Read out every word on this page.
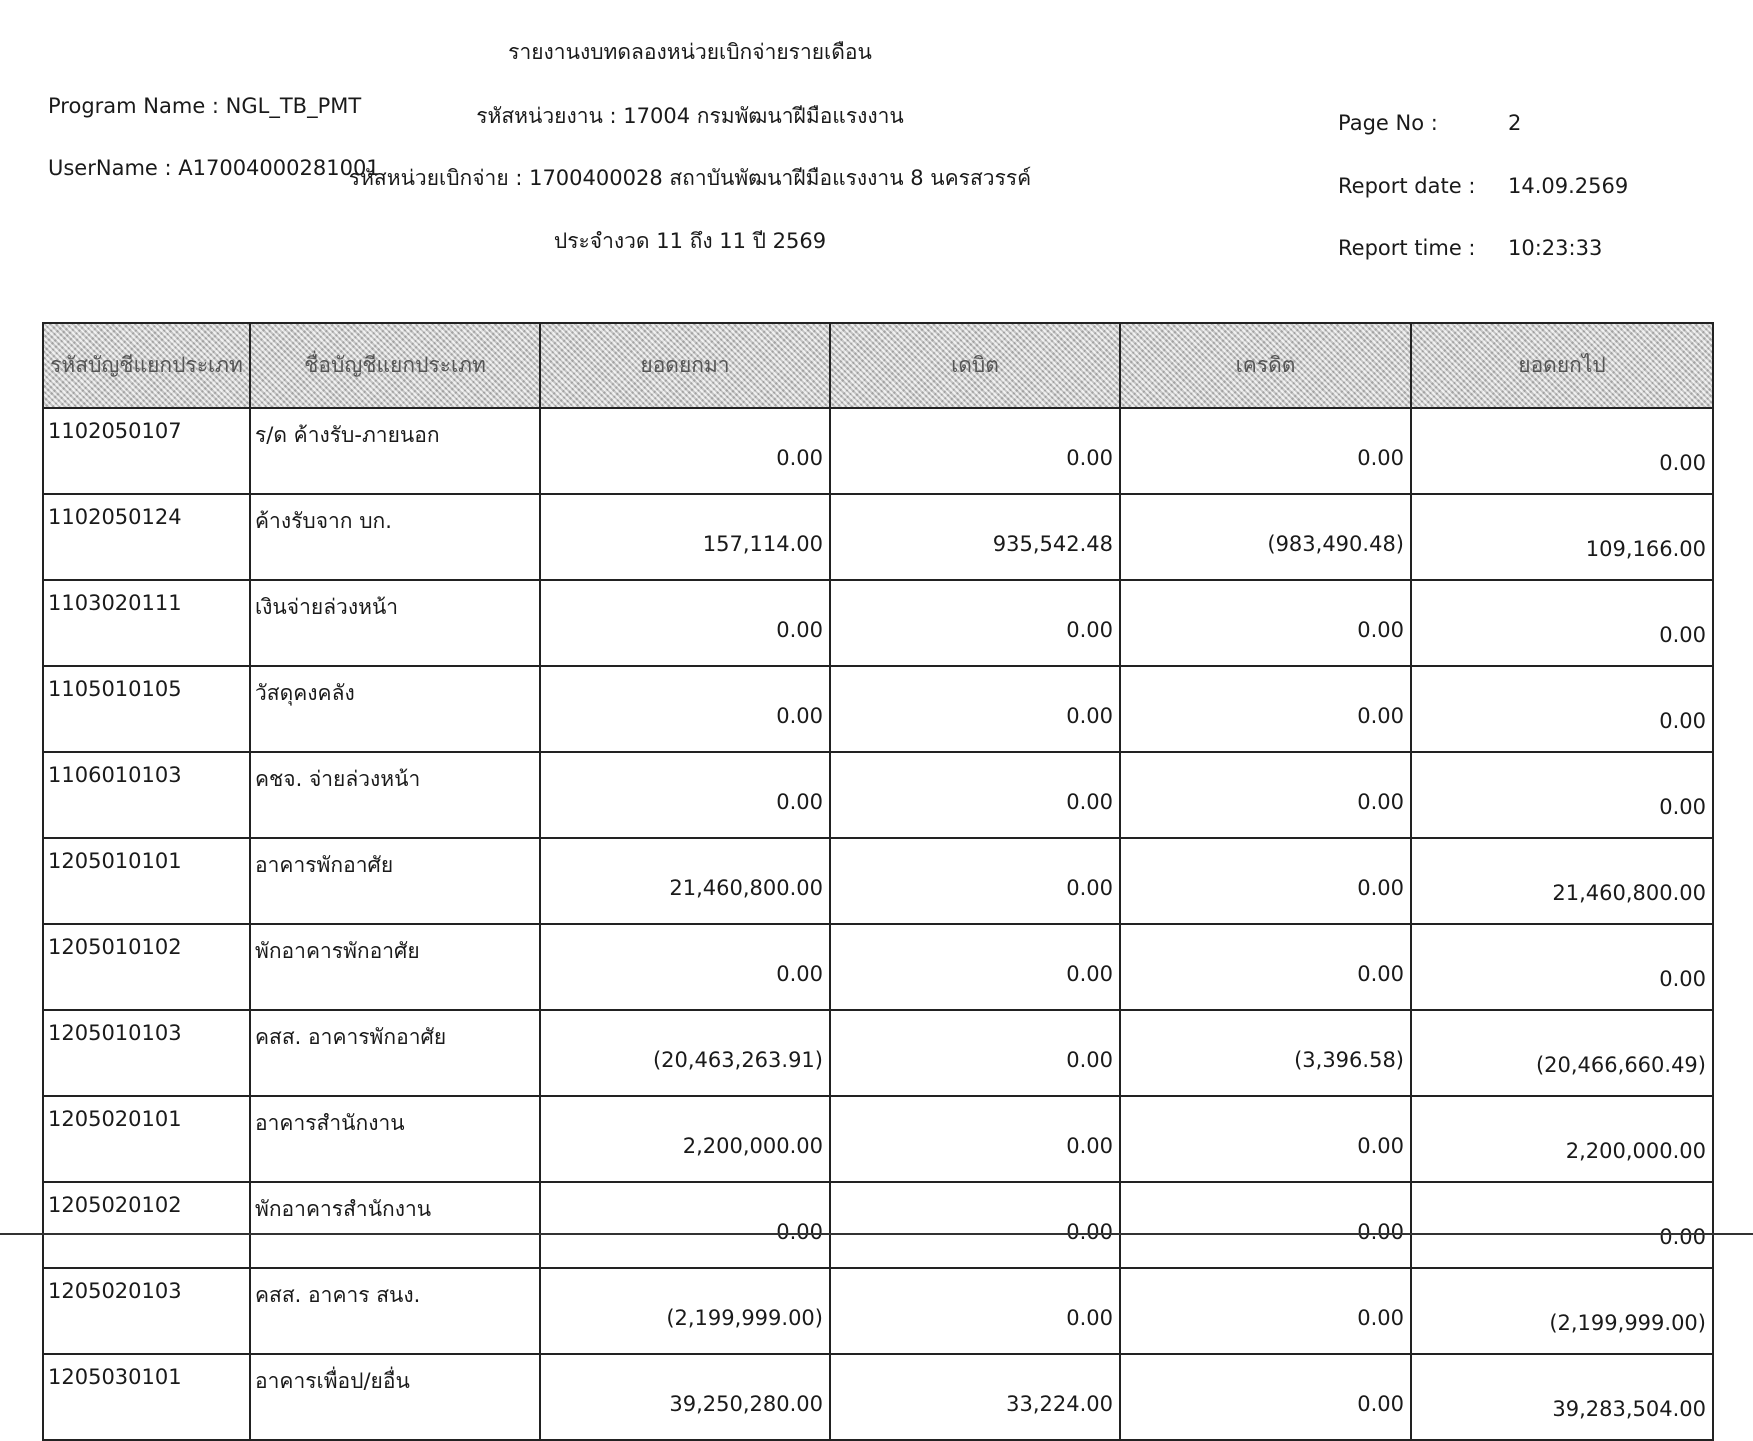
รายงานงบทดลองหน่วยเบิกจ่ายรายเดือน
รหัสหน่วยงาน : 17004 กรมพัฒนาฝีมือแรงงาน
รหัสหน่วยเบิกจ่าย : 1700400028 สถาบันพัฒนาฝีมือแรงงาน 8 นครสวรรค์
ประจำงวด 11 ถึง 11 ปี 2569
Program Name : NGL_TB_PMT
UserName : A17004000281001
Page No :	2
Report date : 14.09.2569
Report time : 10:23:33
รหัสบัญชีแยกประเภท	ชื่อบัญชีแยกประเภท	ยอดยกมา	เดบิต	เครดิต	ยอดยกไป
1102050107	ร/ด ค้างรับ-ภายนอก	0.00	0.00	0.00	0.00
1102050124	ค้างรับจาก บก.	157,114.00	935,542.48	(983,490.48)	109,166.00
1103020111	เงินจ่ายล่วงหน้า	0.00	0.00	0.00	0.00
1105010105	วัสดุคงคลัง	0.00	0.00	0.00	0.00
1106010103	คชจ. จ่ายล่วงหน้า	0.00	0.00	0.00	0.00
1205010101	อาคารพักอาศัย	21,460,800.00	0.00	0.00	21,460,800.00
1205010102	พักอาคารพักอาศัย	0.00	0.00	0.00	0.00
1205010103	คสส. อาคารพักอาศัย	(20,463,263.91)	0.00	(3,396.58)	(20,466,660.49)
1205020101	อาคารสำนักงาน	2,200,000.00	0.00	0.00	2,200,000.00
1205020102	พักอาคารสำนักงาน	0.00	0.00	0.00	0.00
1205020103	คสส. อาคาร สนง.	(2,199,999.00)	0.00	0.00	(2,199,999.00)
1205030101	อาคารเพื่อป/ยอื่น	39,250,280.00	33,224.00	0.00	39,283,504.00
